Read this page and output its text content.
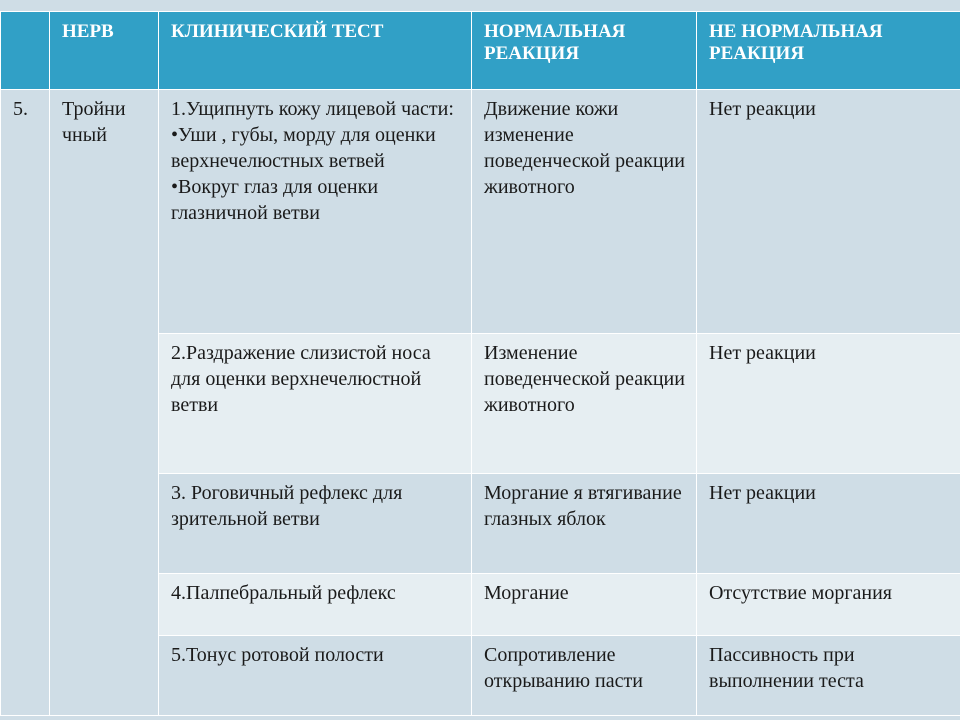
	НЕРВ	КЛИНИЧЕСКИЙ ТЕСТ	НОРМАЛЬНАЯ РЕАКЦИЯ	НЕ НОРМАЛЬНАЯ РЕАКЦИЯ
5.	Тройничный	1.Ущипнуть кожу лицевой части:
•Уши , губы, морду для оценки верхнечелюстных ветвей
•Вокруг глаз для оценки глазничной ветви	Движение кожи изменение поведенческой реакции животного	Нет реакции
		2.Раздражение слизистой носа для оценки верхнечелюстной ветви	Изменение поведенческой реакции животного	Нет реакции
		3. Роговичный рефлекс для зрительной ветви	Моргание я втягивание глазных яблок	Нет реакции
		4.Палпебральный рефлекс	Моргание	Отсутствие моргания
		5.Тонус ротовой полости	Сопротивление открыванию пасти	Пассивность при выполнении теста
